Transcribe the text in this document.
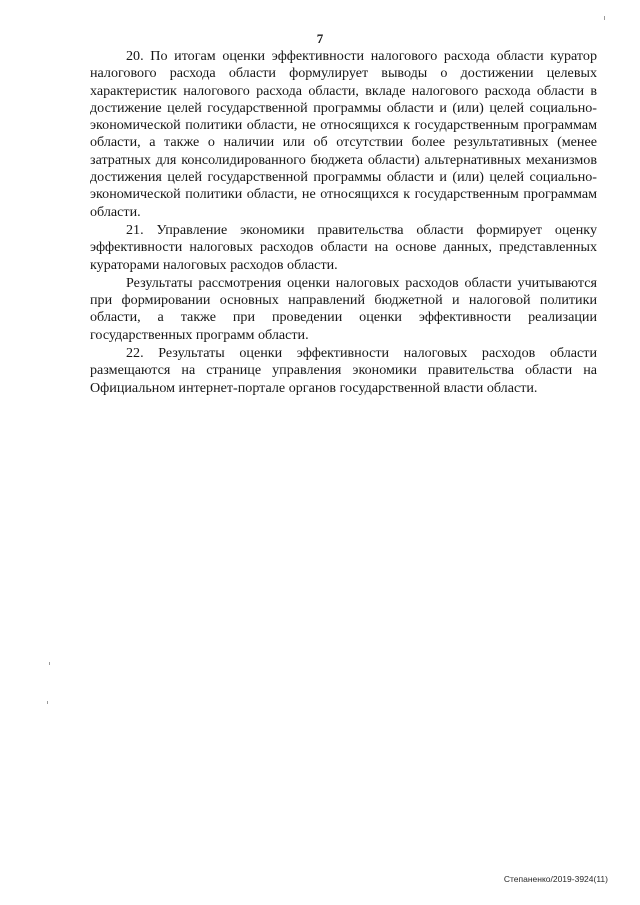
7

20. По итогам оценки эффективности налогового расхода области куратор налогового расхода области формулирует выводы о достижении целевых характеристик налогового расхода области, вкладе налогового расхода области в достижение целей государственной программы области и (или) целей социально-экономической политики области, не относящихся к государственным программам области, а также о наличии или об отсутствии более результативных (менее затратных для консолидированного бюджета области) альтернативных механизмов достижения целей государственной программы области и (или) целей социально-экономической политики области, не относящихся к государственным программам области.

21. Управление экономики правительства области формирует оценку эффективности налоговых расходов области на основе данных, представленных кураторами налоговых расходов области.

Результаты рассмотрения оценки налоговых расходов области учитываются при формировании основных направлений бюджетной и налоговой политики области, а также при проведении оценки эффективности реализации государственных программ области.

22. Результаты оценки эффективности налоговых расходов области размещаются на странице управления экономики правительства области на Официальном интернет-портале органов государственной власти области.

Степаненко/2019-3924(11)
